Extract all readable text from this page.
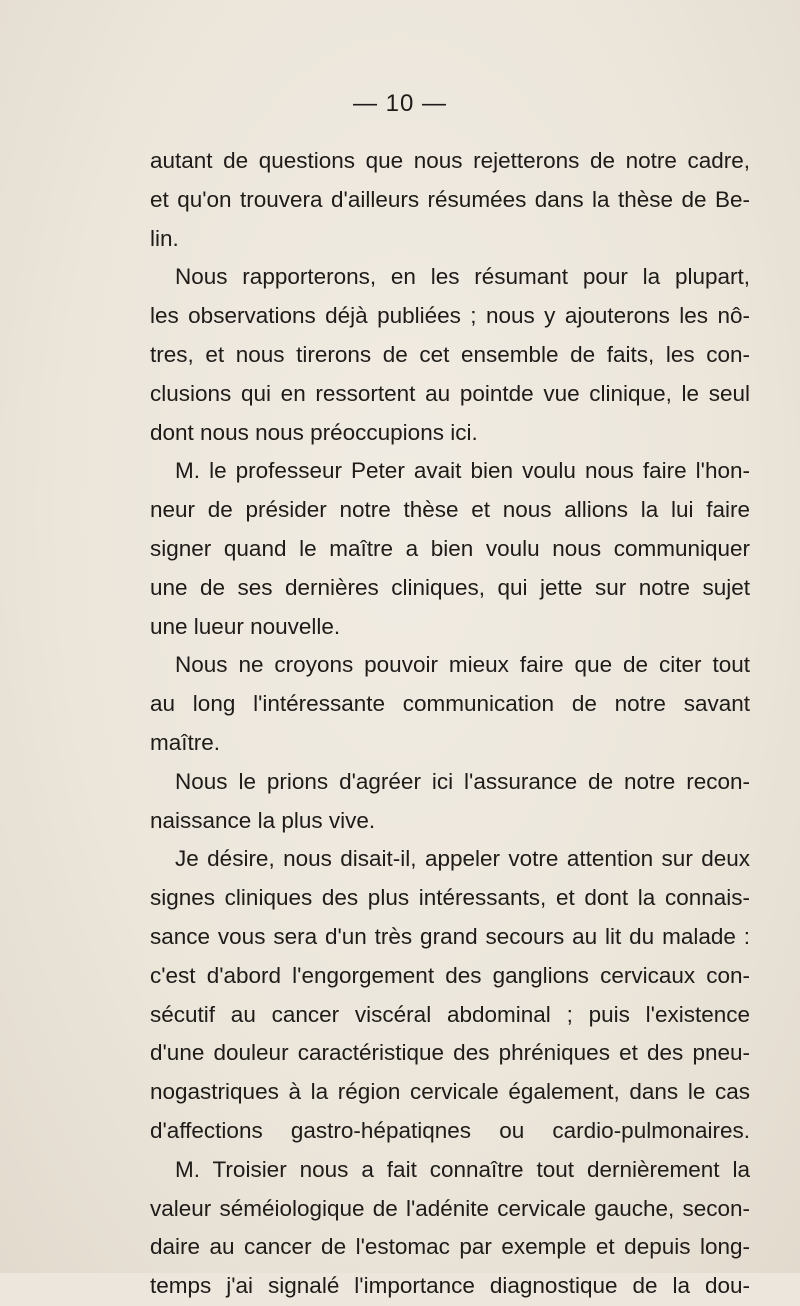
— 10 —
autant de questions que nous rejetterons de notre cadre,
et qu'on trouvera d'ailleurs résumées dans la thèse de Be-
lin.
Nous rapporterons, en les résumant pour la plupart,
les observations déjà publiées ; nous y ajouterons les nô-
tres, et nous tirerons de cet ensemble de faits, les con-
clusions qui en ressortent au pointde vue clinique, le seul
dont nous nous préoccupions ici.
M. le professeur Peter avait bien voulu nous faire l'hon-
neur de présider notre thèse et nous allions la lui faire
signer quand le maître a bien voulu nous communiquer
une de ses dernières cliniques, qui jette sur notre sujet
une lueur nouvelle.
Nous ne croyons pouvoir mieux faire que de citer tout
au long l'intéressante communication de notre savant
maître.
Nous le prions d'agréer ici l'assurance de notre recon-
naissance la plus vive.
Je désire, nous disait-il, appeler votre attention sur deux
signes cliniques des plus intéressants, et dont la connais-
sance vous sera d'un très grand secours au lit du malade :
c'est d'abord l'engorgement des ganglions cervicaux con-
sécutif au cancer viscéral abdominal ; puis l'existence
d'une douleur caractéristique des phréniques et des pneu-
nogastriques à la région cervicale également, dans le cas
d'affections gastro-hépatiqnes ou cardio-pulmonaires.
M. Troisier nous a fait connaître tout dernièrement la
valeur séméiologique de l'adénite cervicale gauche, secon-
daire au cancer de l'estomac par exemple et depuis long-
temps j'ai signalé l'importance diagnostique de la dou-
